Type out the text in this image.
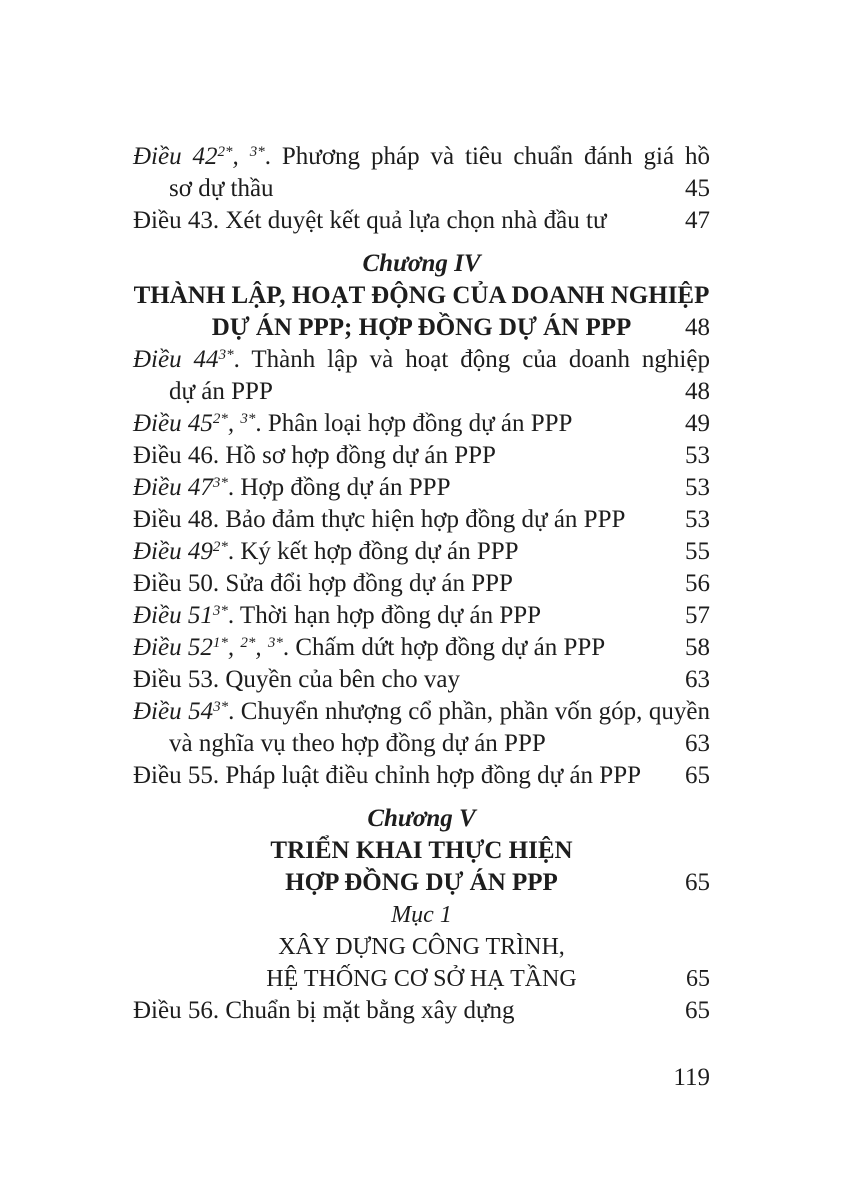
Điều $42^{2*}$, $^{3*}$. Phương pháp và tiêu chuẩn đánh giá hồ
sơ dự thầu	45
Điều 43. Xét duyệt kết quả lựa chọn nhà đầu tư	47
Chương IV
THÀNH LẬP, HOẠT ĐỘNG CỦA DOANH NGHIỆP
DỰ ÁN PPP; HỢP ĐỒNG DỰ ÁN PPP 48
Điều $44^{3*}$. Thành lập và hoạt động của doanh nghiệp
dự án PPP	48
Điều $45^{2*}$, $^{3*}$. Phân loại hợp đồng dự án PPP	49
Điều 46. Hồ sơ hợp đồng dự án PPP	53
Điều $47^{3*}$. Hợp đồng dự án PPP	53
Điều 48. Bảo đảm thực hiện hợp đồng dự án PPP 53
Điều $49^{2*}$. Ký kết hợp đồng dự án PPP	55
Điều 50. Sửa đổi hợp đồng dự án PPP	56
Điều $51^{3*}$. Thời hạn hợp đồng dự án PPP	57
Điều $52^{1*}$, $^{2*}$, $^{3*}$. Chấm dứt hợp đồng dự án PPP	58
Điều 53. Quyền của bên cho vay	63
Điều $54^{3*}$. Chuyển nhượng cổ phần, phần vốn góp, quyền
và nghĩa vụ theo hợp đồng dự án PPP	63
Điều 55. Pháp luật điều chỉnh hợp đồng dự án PPP 65
Chương V
TRIỂN KHAI THỰC HIỆN
HỢP ĐỒNG DỰ ÁN PPP	65
Mục 1
XÂY DỰNG CÔNG TRÌNH,
HỆ THỐNG CƠ SỞ HẠ TẦNG	65
Điều 56. Chuẩn bị mặt bằng xây dựng	65
119
